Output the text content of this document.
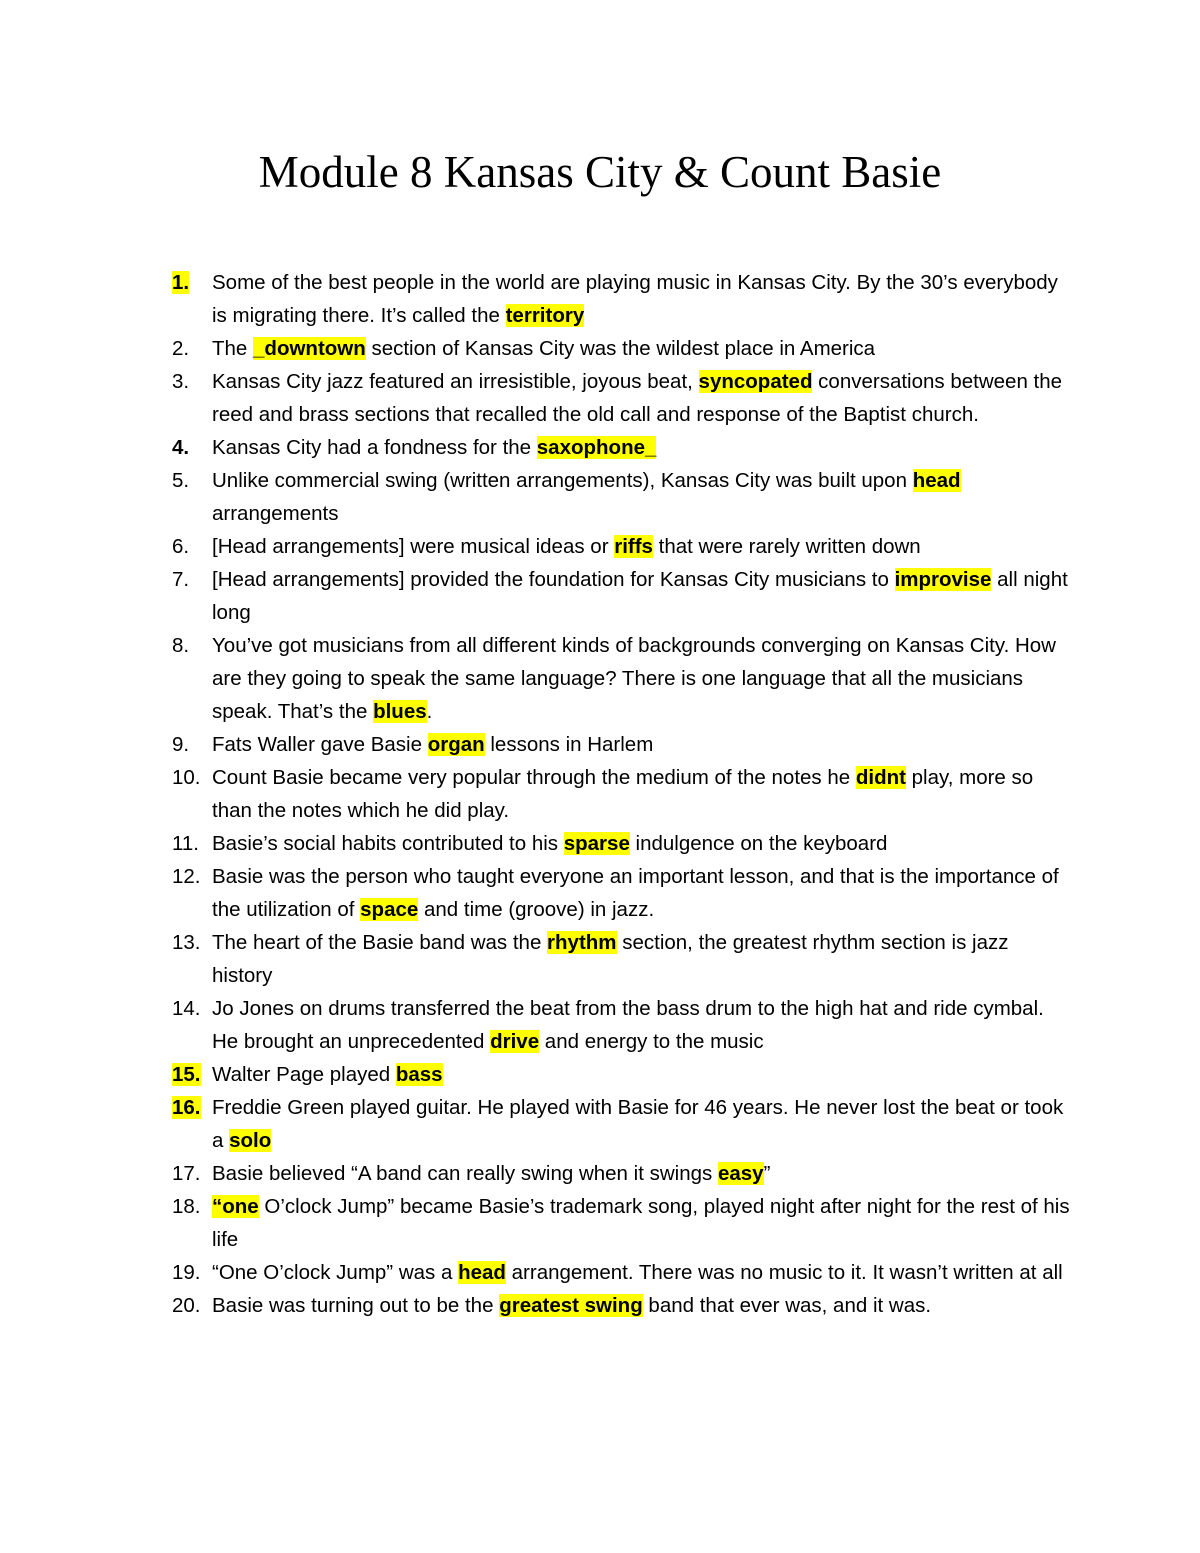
Module 8 Kansas City & Count Basie
1.	Some of the best people in the world are playing music in Kansas City. By the 30’s everybody is migrating there. It’s called the territory
2.	The _downtown section of Kansas City was the wildest place in America
3.	Kansas City jazz featured an irresistible, joyous beat, syncopated conversations between the reed and brass sections that recalled the old call and response of the Baptist church.
4.	Kansas City had a fondness for the saxophone_
5.	Unlike commercial swing (written arrangements), Kansas City was built upon head arrangements
6.	[Head arrangements] were musical ideas or riffs that were rarely written down
7.	[Head arrangements] provided the foundation for Kansas City musicians to improvise all night long
8.	You’ve got musicians from all different kinds of backgrounds converging on Kansas City. How are they going to speak the same language? There is one language that all the musicians speak. That’s the blues.
9.	Fats Waller gave Basie organ lessons in Harlem
10. Count Basie became very popular through the medium of the notes he didnt play, more so than the notes which he did play.
11. Basie’s social habits contributed to his sparse indulgence on the keyboard
12. Basie was the person who taught everyone an important lesson, and that is the importance of the utilization of space and time (groove) in jazz.
13. The heart of the Basie band was the rhythm section, the greatest rhythm section is jazz history
14. Jo Jones on drums transferred the beat from the bass drum to the high hat and ride cymbal. He brought an unprecedented drive and energy to the music
15. Walter Page played bass
16. Freddie Green played guitar. He played with Basie for 46 years. He never lost the beat or took a solo
17. Basie believed “A band can really swing when it swings easy”
18. “one O’clock Jump” became Basie’s trademark song, played night after night for the rest of his life
19. “One O’clock Jump” was a head arrangement. There was no music to it. It wasn’t written at all
20. Basie was turning out to be the greatest swing band that ever was, and it was.
